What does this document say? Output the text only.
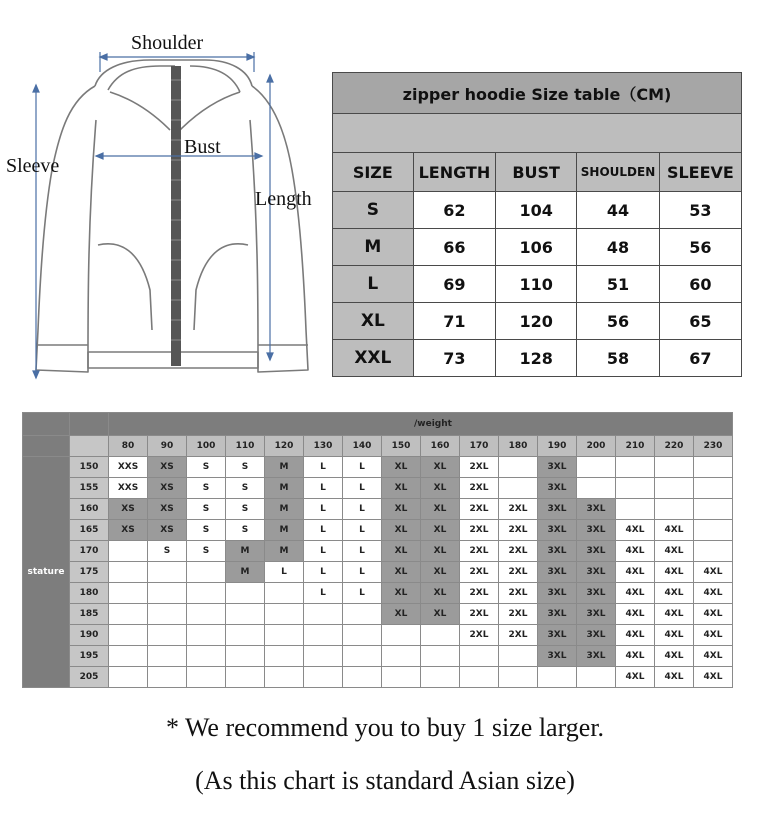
Shoulder
Bust
Sleeve
Length
zipper hoodie Size table（CM)				

SIZE	LENGTH	BUST	SHOULDEN	SLEEVE
S	62	104	44	53
M	66	106	48	56
L	69	110	51	60
XL	71	120	56	65
XXL	73	128	58	67
		/weight															
		80	90	100	110	120	130	140	150	160	170	180	190	200	210	220	230
stature	150	XXS	XS	S	S	M	L	L	XL	XL	2XL		3XL				
	155	XXS	XS	S	S	M	L	L	XL	XL	2XL		3XL				
	160	XS	XS	S	S	M	L	L	XL	XL	2XL	2XL	3XL	3XL			
	165	XS	XS	S	S	M	L	L	XL	XL	2XL	2XL	3XL	3XL	4XL	4XL	
	170		S	S	M	M	L	L	XL	XL	2XL	2XL	3XL	3XL	4XL	4XL	
	175				M	L	L	L	XL	XL	2XL	2XL	3XL	3XL	4XL	4XL	4XL
	180						L	L	XL	XL	2XL	2XL	3XL	3XL	4XL	4XL	4XL
	185								XL	XL	2XL	2XL	3XL	3XL	4XL	4XL	4XL
	190										2XL	2XL	3XL	3XL	4XL	4XL	4XL
	195												3XL	3XL	4XL	4XL	4XL
	205														4XL	4XL	4XL
* We recommend you to buy 1 size larger.
(As this chart is standard Asian size)
